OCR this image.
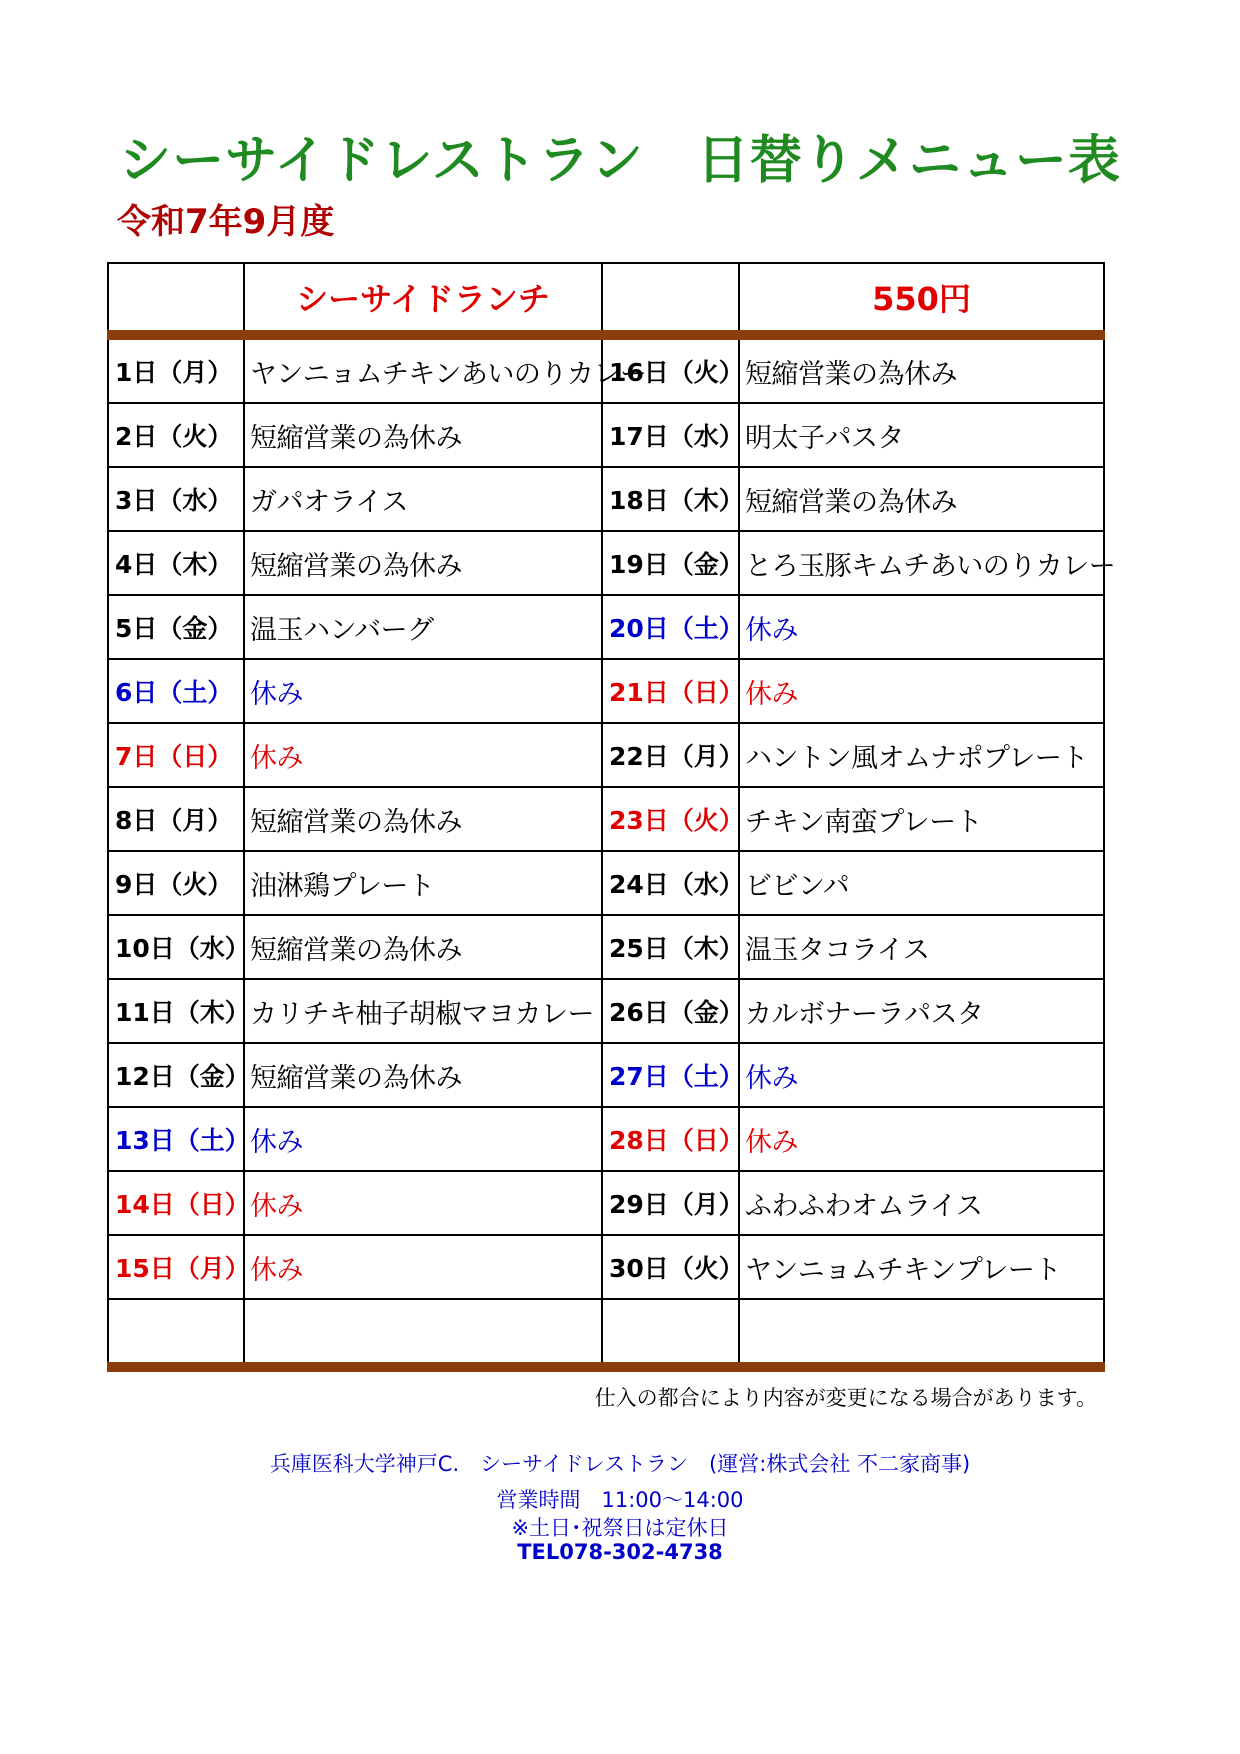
シーサイドレストラン　日替りメニュー表
令和7年9月度
	シーサイドランチ		550円
1日（月）	ヤンニョムチキンあいのりカレー	16日（火）	短縮営業の為休み
2日（火）	短縮営業の為休み	17日（水）	明太子パスタ
3日（水）	ガパオライス	18日（木）	短縮営業の為休み
4日（木）	短縮営業の為休み	19日（金）	とろ玉豚キムチあいのりカレー
5日（金）	温玉ハンバーグ	20日（土）	休み
6日（土）	休み	21日（日）	休み
7日（日）	休み	22日（月）	ハントン風オムナポプレート
8日（月）	短縮営業の為休み	23日（火）	チキン南蛮プレート
9日（火）	油淋鶏プレート	24日（水）	ビビンパ
10日（水）	短縮営業の為休み	25日（木）	温玉タコライス
11日（木）	カリチキ柚子胡椒マヨカレー	26日（金）	カルボナーラパスタ
12日（金）	短縮営業の為休み	27日（土）	休み
13日（土）	休み	28日（日）	休み
14日（日）	休み	29日（月）	ふわふわオムライス
15日（月）	休み	30日（火）	ヤンニョムチキンプレート

仕入の都合により内容が変更になる場合があります。
兵庫医科大学神戸C.　シーサイドレストラン　(運営:株式会社 不二家商事)
営業時間　11:00～14:00
※土日･祝祭日は定休日
TEL078-302-4738
